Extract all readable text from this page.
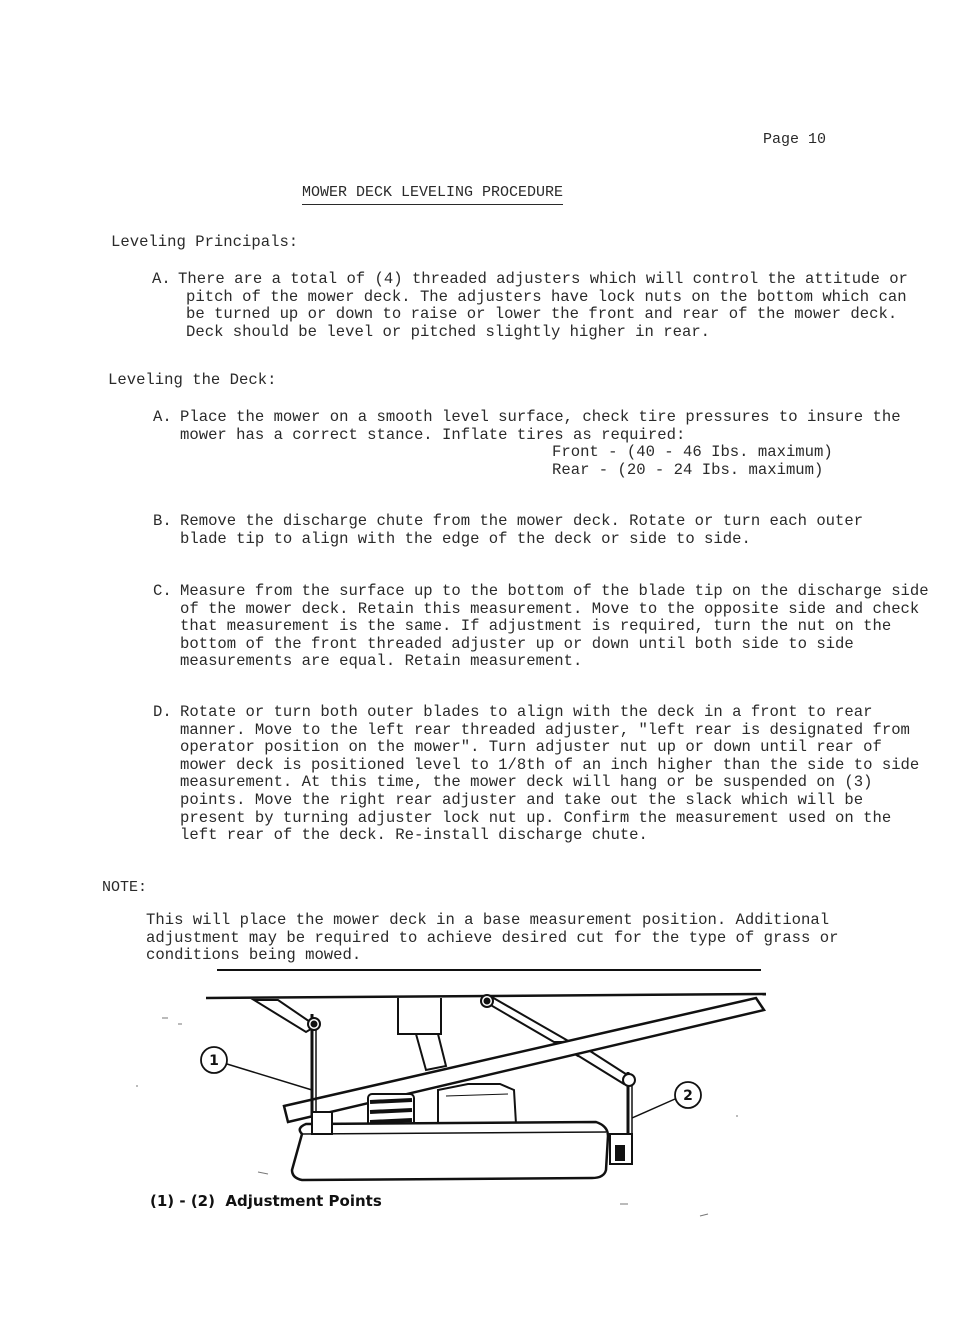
Page 10
MOWER DECK LEVELING PROCEDURE
Leveling Principals:
A. There are a total of (4) threaded adjusters which will control the attitude or
pitch of the mower deck. The adjusters have lock nuts on the bottom which can
be turned up or down to raise or lower the front and rear of the mower deck.
Deck should be level or pitched slightly higher in rear.
Leveling the Deck:
A. Place the mower on a smooth level surface, check tire pressures to insure the
mower has a correct stance. Inflate tires as required:
Front - (40 - 46 Ibs. maximum)
Rear - (20 - 24 Ibs. maximum)
B. Remove the discharge chute from the mower deck. Rotate or turn each outer
blade tip to align with the edge of the deck or side to side.
C. Measure from the surface up to the bottom of the blade tip on the discharge side
of the mower deck. Retain this measurement. Move to the opposite side and check
that measurement is the same. If adjustment is required, turn the nut on the
bottom of the front threaded adjuster up or down until both side to side
measurements are equal. Retain measurement.
D. Rotate or turn both outer blades to align with the deck in a front to rear
manner. Move to the left rear threaded adjuster, "left rear is designated from
operator position on the mower". Turn adjuster nut up or down until rear of
mower deck is positioned level to 1/8th of an inch higher than the side to side
measurement. At this time, the mower deck will hang or be suspended on (3)
points. Move the right rear adjuster and take out the slack which will be
present by turning adjuster lock nut up. Confirm the measurement used on the
left rear of the deck. Re-install discharge chute.
NOTE:
This will place the mower deck in a base measurement position. Additional
adjustment may be required to achieve desired cut for the type of grass or
conditions being mowed.
1
2
(1) - (2)  Adjustment Points
